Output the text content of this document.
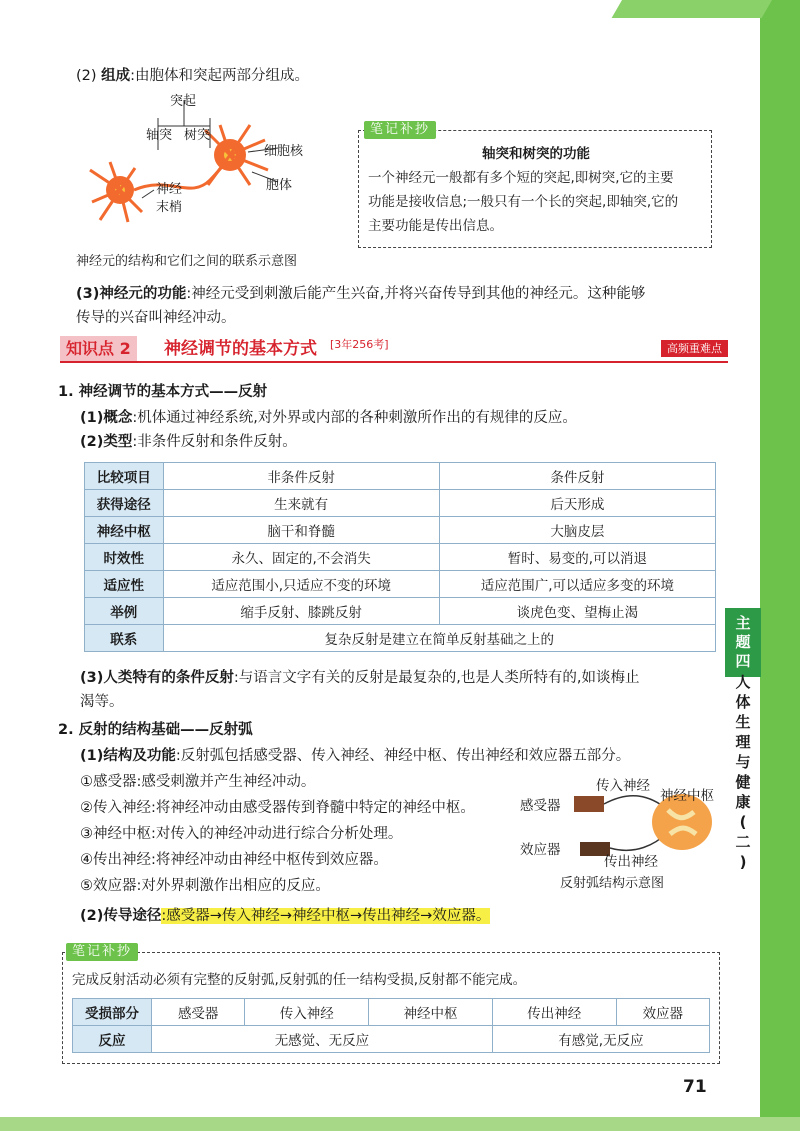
(2) 组成:由胞体和突起两部分组成。
突起
轴突 树突
细胞核
胞体
神经
末梢
神经元的结构和它们之间的联系示意图
笔记补抄
轴突和树突的功能
一个神经元一般都有多个短的突起,即树突,它的主要
功能是接收信息;一般只有一个长的突起,即轴突,它的
主要功能是传出信息。
(3)神经元的功能:神经元受到刺激后能产生兴奋,并将兴奋传导到其他的神经元。这种能够
传导的兴奋叫神经冲动。
知识点 2	神经调节的基本方式 [3年256考]	高频重难点
1. 神经调节的基本方式——反射
(1)概念:机体通过神经系统,对外界或内部的各种刺激所作出的有规律的反应。
(2)类型:非条件反射和条件反射。
比较项目	非条件反射	条件反射
获得途径	生来就有	后天形成
神经中枢	脑干和脊髓	大脑皮层
时效性	永久、固定的,不会消失	暂时、易变的,可以消退
适应性	适应范围小,只适应不变的环境	适应范围广,可以适应多变的环境
举例	缩手反射、膝跳反射	谈虎色变、望梅止渴
联系	复杂反射是建立在简单反射基础之上的	
(3)人类特有的条件反射:与语言文字有关的反射是最复杂的,也是人类所特有的,如谈梅止
渴等。
2. 反射的结构基础——反射弧
(1)结构及功能:反射弧包括感受器、传入神经、神经中枢、传出神经和效应器五部分。
①感受器:感受刺激并产生神经冲动。
②传入神经:将神经冲动由感受器传到脊髓中特定的神经中枢。
③神经中枢:对传入的神经冲动进行综合分析处理。
④传出神经:将神经冲动由神经中枢传到效应器。
⑤效应器:对外界刺激作出相应的反应。
(2)传导途径:感受器→传入神经→神经中枢→传出神经→效应器。
感受器
传入神经
神经中枢
效应器
传出神经
反射弧结构示意图
笔记补抄
完成反射活动必须有完整的反射弧,反射弧的任一结构受损,反射都不能完成。
受损部分	感受器	传入神经	神经中枢	传出神经	效应器
反应	无感觉、无反应			有感觉,无反应	
主
题
四
人
体
生
理
与
健
康
(
二
)
71
